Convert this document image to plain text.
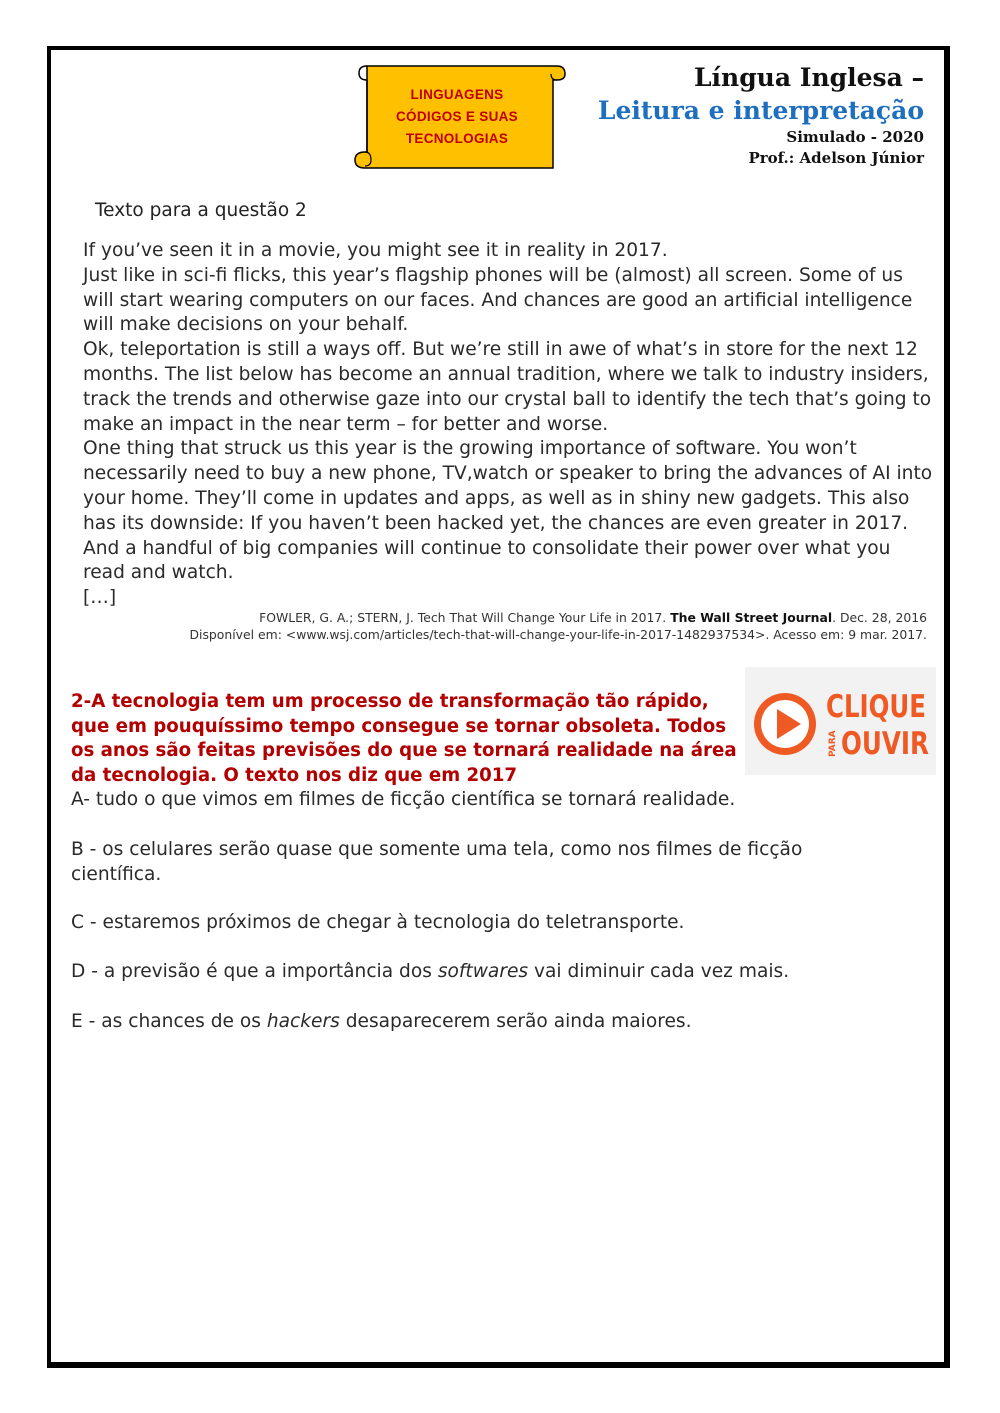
LINGUAGENS
CÓDIGOS E SUAS
TECNOLOGIAS
Língua Inglesa –
Leitura e interpretação
Simulado - 2020
Prof.: Adelson Júnior
Texto para a questão 2

If you’ve seen it in a movie, you might see it in reality in 2017.

Just like in sci-fi flicks, this year’s flagship phones will be (almost) all screen. Some of us will start wearing computers on our faces. And chances are good an artificial intelligence will make decisions on your behalf.

Ok, teleportation is still a ways off. But we’re still in awe of what’s in store for the next 12 months. The list below has become an annual tradition, where we talk to industry insiders, track the trends and otherwise gaze into our crystal ball to identify the tech that’s going to make an impact in the near term – for better and worse.

One thing that struck us this year is the growing importance of software. You won’t necessarily need to buy a new phone, TV,watch or speaker to bring the advances of AI into your home. They’ll come in updates and apps, as well as in shiny new gadgets. This also has its downside: If you haven’t been hacked yet, the chances are even greater in 2017. And a handful of big companies will continue to consolidate their power over what you read and watch.

[…]

FOWLER, G. A.; STERN, J. Tech That Will Change Your Life in 2017. The Wall Street Journal. Dec. 28, 2016
Disponível em: <www.wsj.com/articles/tech-that-will-change-your-life-in-2017-1482937534>. Acesso em: 9 mar. 2017.
2-A tecnologia tem um processo de transformação tão rápido, que em pouquíssimo tempo consegue se tornar obsoleta. Todos os anos são feitas previsões do que se tornará realidade na área da tecnologia. O texto nos diz que em 2017
CLIQUE
PARA OUVIR
A- tudo o que vimos em filmes de ficção científica se tornará realidade.
B - os celulares serão quase que somente uma tela, como nos filmes de ficção científica.
C - estaremos próximos de chegar à tecnologia do teletransporte.
D - a previsão é que a importância dos softwares vai diminuir cada vez mais.
E - as chances de os hackers desaparecerem serão ainda maiores.
